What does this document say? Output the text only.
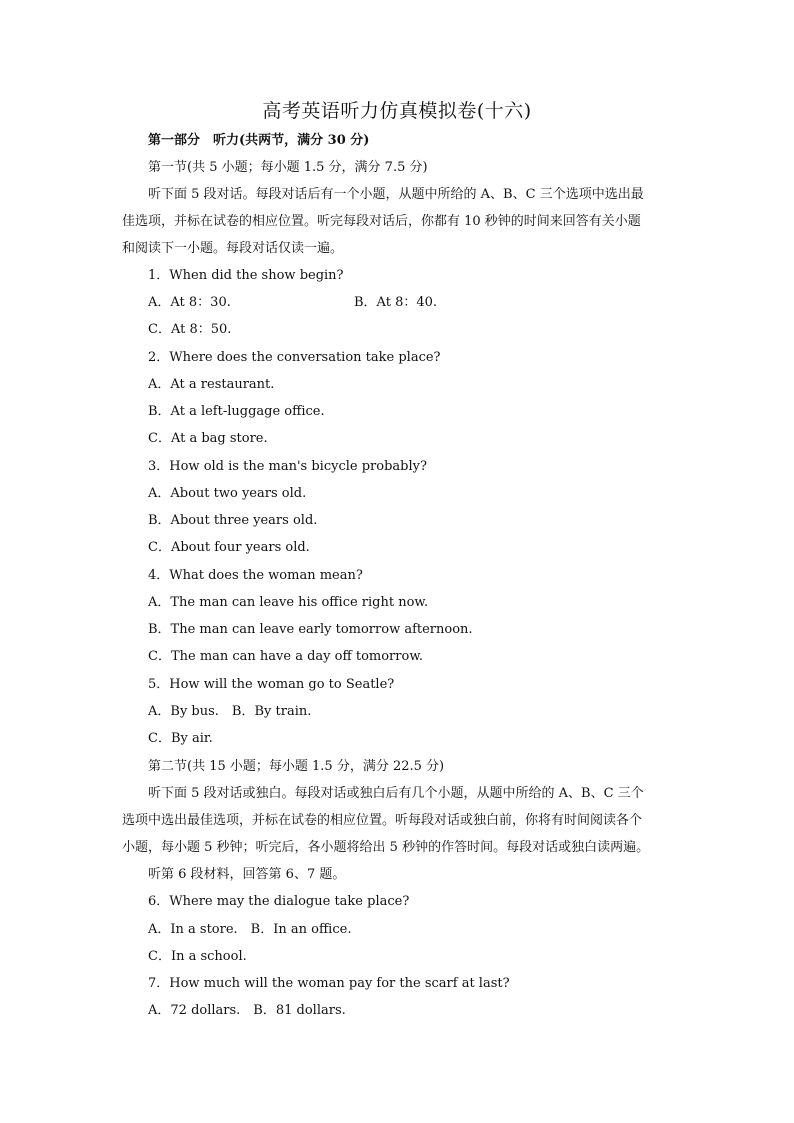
高考英语听力仿真模拟卷(十六)
第一部分　听力(共两节，满分 30 分)
第一节(共 5 小题；每小题 1.5 分，满分 7.5 分)
听下面 5 段对话。每段对话后有一个小题，从题中所给的 A、B、C 三个选项中选出最
佳选项，并标在试卷的相应位置。听完每段对话后，你都有 10 秒钟的时间来回答有关小题
和阅读下一小题。每段对话仅读一遍。
1．When did the show begin?
A．At 8：30.	B．At 8：40.
C．At 8：50.
2．Where does the conversation take place?
A．At a restaurant.
B．At a left-luggage office.
C．At a bag store.
3．How old is the man's bicycle probably?
A．About two years old.
B．About three years old.
C．About four years old.
4．What does the woman mean?
A．The man can leave his office right now.
B．The man can leave early tomorrow afternoon.
C．The man can have a day off tomorrow.
5．How will the woman go to Seatle?
A．By bus.　B．By train.
C．By air.
第二节(共 15 小题；每小题 1.5 分，满分 22.5 分)
听下面 5 段对话或独白。每段对话或独白后有几个小题，从题中所给的 A、B、C 三个
选项中选出最佳选项，并标在试卷的相应位置。听每段对话或独白前，你将有时间阅读各个
小题，每小题 5 秒钟；听完后，各小题将给出 5 秒钟的作答时间。每段对话或独白读两遍。
听第 6 段材料，回答第 6、7 题。
6．Where may the dialogue take place?
A．In a store.　B．In an office.
C．In a school.
7．How much will the woman pay for the scarf at last?
A．72 dollars.　B．81 dollars.
